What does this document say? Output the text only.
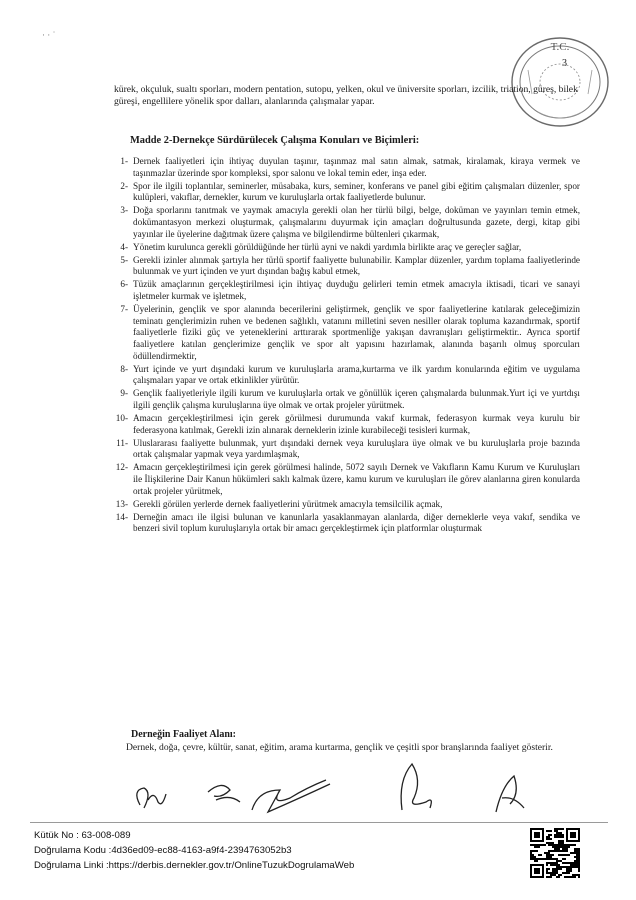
· · ˙
T.C.
3
kürek, okçuluk, sualtı sporları, modern pentation, sutopu, yelken, okul ve üniversite sporları, izcilik, triation, güreş, bilek güreşi, engellilere yönelik spor dalları, alanlarında çalışmalar yapar.
Madde 2-Dernekçe Sürdürülecek Çalışma Konuları ve Biçimleri:
1- Dernek faaliyetleri için ihtiyaç duyulan taşınır, taşınmaz mal satın almak, satmak, kiralamak, kiraya vermek ve taşınmazlar üzerinde spor kompleksi, spor salonu ve lokal temin eder, inşa eder.
2- Spor ile ilgili toplantılar, seminerler, müsabaka, kurs, seminer, konferans ve panel gibi eğitim çalışmaları düzenler, spor kulüpleri, vakıflar, dernekler, kurum ve kuruluşlarla ortak faaliyetlerde bulunur.
3- Doğa sporlarını tanıtmak ve yaymak amacıyla gerekli olan her türlü bilgi, belge, doküman ve yayınları temin etmek, dokümantasyon merkezi oluşturmak, çalışmalarını duyurmak için amaçları doğrultusunda gazete, dergi, kitap gibi yayınlar ile üyelerine dağıtmak üzere çalışma ve bilgilendirme bültenleri çıkarmak,
4- Yönetim kurulunca gerekli görüldüğünde her türlü ayni ve nakdi yardımla birlikte araç ve gereçler sağlar,
5- Gerekli izinler alınmak şartıyla her türlü sportif faaliyette bulunabilir. Kamplar düzenler, yardım toplama faaliyetlerinde bulunmak ve yurt içinden ve yurt dışından bağış kabul etmek,
6- Tüzük amaçlarının gerçekleştirilmesi için ihtiyaç duyduğu gelirleri temin etmek amacıyla iktisadi, ticari ve sanayi işletmeler kurmak ve işletmek,
7- Üyelerinin, gençlik ve spor alanında becerilerini geliştirmek, gençlik ve spor faaliyetlerine katılarak geleceğimizin teminatı gençlerimizin ruhen ve bedenen sağlıklı, vatanını milletini seven nesiller olarak topluma kazandırmak, sportif faaliyetlerle fiziki güç ve yeteneklerini arttırarak sportmenliğe yakışan davranışları geliştirmektir.. Ayrıca sportif faaliyetlere katılan gençlerimize gençlik ve spor alt yapısını hazırlamak, alanında başarılı olmuş sporcuları ödüllendirmektir,
8- Yurt içinde ve yurt dışındaki kurum ve kuruluşlarla arama,kurtarma ve ilk yardım konularında eğitim ve uygulama çalışmaları yapar ve ortak etkinlikler yürütür.
9- Gençlik faaliyetleriyle ilgili kurum ve kuruluşlarla ortak ve gönüllük içeren çalışmalarda bulunmak.Yurt içi ve yurtdışı ilgili gençlik çalışma kuruluşlarına üye olmak ve ortak projeler yürütmek.
10- Amacın gerçekleştirilmesi için gerek görülmesi durumunda vakıf kurmak, federasyon kurmak veya kurulu bir federasyona katılmak, Gerekli izin alınarak derneklerin izinle kurabileceği tesisleri kurmak,
11- Uluslararası faaliyette bulunmak, yurt dışındaki dernek veya kuruluşlara üye olmak ve bu kuruluşlarla proje bazında ortak çalışmalar yapmak veya yardımlaşmak,
12- Amacın gerçekleştirilmesi için gerek görülmesi halinde, 5072 sayılı Dernek ve Vakıfların Kamu Kurum ve Kuruluşları ile İlişkilerine Dair Kanun hükümleri saklı kalmak üzere, kamu kurum ve kuruluşları ile görev alanlarına giren konularda ortak projeler yürütmek,
13- Gerekli görülen yerlerde dernek faaliyetlerini yürütmek amacıyla temsilcilik açmak,
14- Derneğin amacı ile ilgisi bulunan ve kanunlarla yasaklanmayan alanlarda, diğer derneklerle veya vakıf, sendika ve benzeri sivil toplum kuruluşlarıyla ortak bir amacı gerçekleştirmek için platformlar oluşturmak
Derneğin Faaliyet Alanı:
Dernek, doğa, çevre, kültür, sanat, eğitim, arama kurtarma, gençlik ve çeşitli spor branşlarında faaliyet gösterir.
Kütük No : 63-008-089
Doğrulama Kodu :4d36ed09-ec88-4163-a9f4-2394763052b3
Doğrulama Linki :https://derbis.dernekler.gov.tr/OnlineTuzukDogrulamaWeb
